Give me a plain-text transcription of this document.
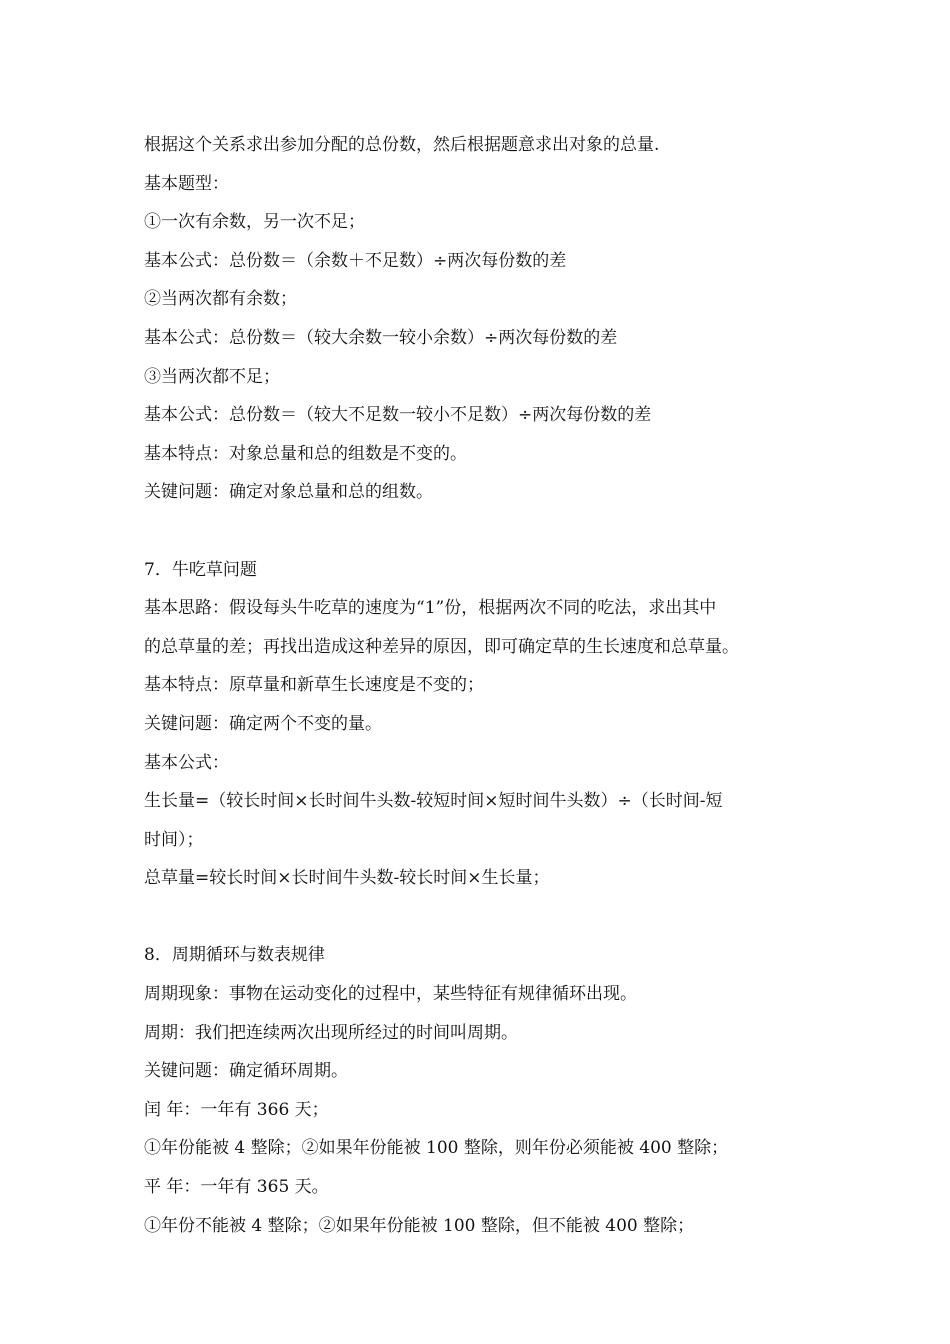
根据这个关系求出参加分配的总份数，然后根据题意求出对象的总量.
基本题型：
①一次有余数，另一次不足；
基本公式：总份数＝（余数＋不足数）÷两次每份数的差
②当两次都有余数；
基本公式：总份数＝（较大余数一较小余数）÷两次每份数的差
③当两次都不足；
基本公式：总份数＝（较大不足数一较小不足数）÷两次每份数的差
基本特点：对象总量和总的组数是不变的。
关键问题：确定对象总量和总的组数。
7．牛吃草问题
基本思路：假设每头牛吃草的速度为“1”份，根据两次不同的吃法，求出其中
的总草量的差；再找出造成这种差异的原因，即可确定草的生长速度和总草量。
基本特点：原草量和新草生长速度是不变的；
关键问题：确定两个不变的量。
基本公式：
生长量=（较长时间×长时间牛头数-较短时间×短时间牛头数）÷（长时间-短
时间）；
总草量=较长时间×长时间牛头数-较长时间×生长量；
8．周期循环与数表规律
周期现象：事物在运动变化的过程中，某些特征有规律循环出现。
周期：我们把连续两次出现所经过的时间叫周期。
关键问题：确定循环周期。
闰 年：一年有 366 天；
①年份能被 4 整除；②如果年份能被 100 整除，则年份必须能被 400 整除；
平 年：一年有 365 天。
①年份不能被 4 整除；②如果年份能被 100 整除，但不能被 400 整除；
